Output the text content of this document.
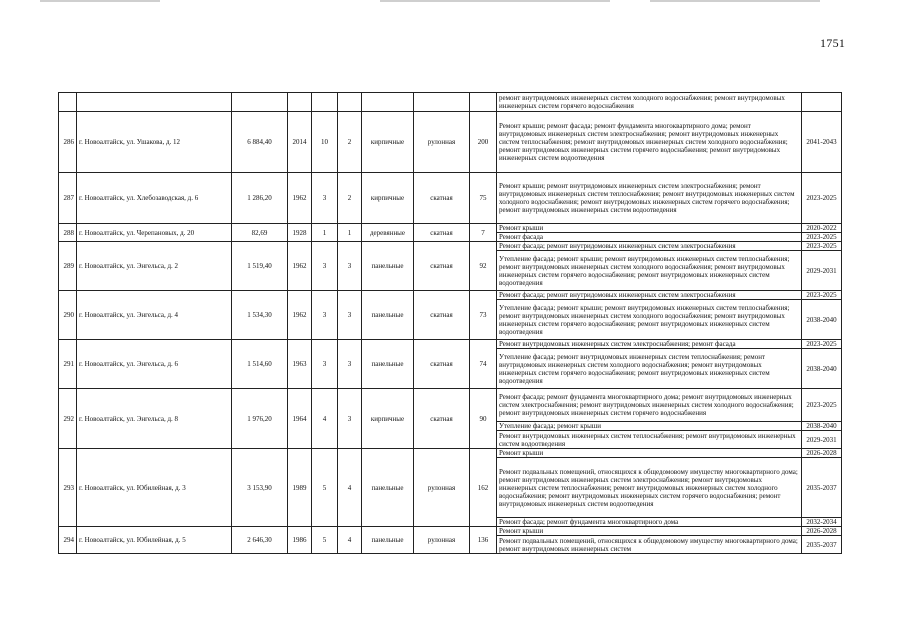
1751
									ремонт внутридомовых инженерных систем холодного водоснабжения; ремонт внутридомовых инженерных систем горячего водоснабжения	
286	г. Новоалтайск, ул. Ушакова, д. 12	6 884,40	2014	10	2	кирпичные	рулонная	200	Ремонт крыши; ремонт фасада; ремонт фундамента многоквартирного дома; ремонт внутридомовых инженерных систем электроснабжения; ремонт внутридомовых инженерных систем теплоснабжения; ремонт внутридомовых инженерных систем холодного водоснабжения; ремонт внутридомовых инженерных систем горячего водоснабжения; ремонт внутридомовых инженерных систем водоотведения	2041-2043
287	г. Новоалтайск, ул. Хлебозаводская, д. 6	1 286,20	1962	3	2	кирпичные	скатная	75	Ремонт крыши; ремонт внутридомовых инженерных систем электроснабжения; ремонт внутридомовых инженерных систем теплоснабжения; ремонт внутридомовых инженерных систем холодного водоснабжения; ремонт внутридомовых инженерных систем горячего водоснабжения; ремонт внутридомовых инженерных систем водоотведения	2023-2025
288	г. Новоалтайск, ул. Черепановых, д. 20	82,69	1928	1	1	деревянные	скатная	7	Ремонт крыши	2020-2022
									Ремонт фасада	2023-2025
289	г. Новоалтайск, ул. Энгельса, д. 2	1 519,40	1962	3	3	панельные	скатная	92	Ремонт фасада; ремонт внутридомовых инженерных систем электроснабжения	2023-2025
									Утепление фасада; ремонт крыши; ремонт внутридомовых инженерных систем теплоснабжения; ремонт внутридомовых инженерных систем холодного водоснабжения; ремонт внутридомовых инженерных систем горячего водоснабжения; ремонт внутридомовых инженерных систем водоотведения	2029-2031
290	г. Новоалтайск, ул. Энгельса, д. 4	1 534,30	1962	3	3	панельные	скатная	73	Ремонт фасада; ремонт внутридомовых инженерных систем электроснабжения	2023-2025
									Утепление фасада; ремонт крыши; ремонт внутридомовых инженерных систем теплоснабжения; ремонт внутридомовых инженерных систем холодного водоснабжения; ремонт внутридомовых инженерных систем горячего водоснабжения; ремонт внутридомовых инженерных систем водоотведения	2038-2040
291	г. Новоалтайск, ул. Энгельса, д. 6	1 514,60	1963	3	3	панельные	скатная	74	Ремонт внутридомовых инженерных систем электроснабжения; ремонт фасада	2023-2025
									Утепление фасада; ремонт внутридомовых инженерных систем теплоснабжения; ремонт внутридомовых инженерных систем холодного водоснабжения; ремонт внутридомовых инженерных систем горячего водоснабжения; ремонт внутридомовых инженерных систем водоотведения	2038-2040
292	г. Новоалтайск, ул. Энгельса, д. 8	1 976,20	1964	4	3	кирпичные	скатная	90	Ремонт фасада; ремонт фундамента многоквартирного дома; ремонт внутридомовых инженерных систем электроснабжения; ремонт внутридомовых инженерных систем холодного водоснабжения; ремонт внутридомовых инженерных систем горячего водоснабжения	2023-2025
									Утепление фасада; ремонт крыши	2038-2040
									Ремонт внутридомовых инженерных систем теплоснабжения; ремонт внутридомовых инженерных систем водоотведения	2029-2031
293	г. Новоалтайск, ул. Юбилейная, д. 3	3 153,90	1989	5	4	панельные	рулонная	162	Ремонт крыши	2026-2028
									Ремонт подвальных помещений, относящихся к общедомовому имуществу многоквартирного дома; ремонт внутридомовых инженерных систем электроснабжения; ремонт внутридомовых инженерных систем теплоснабжения; ремонт внутридомовых инженерных систем холодного водоснабжения; ремонт внутридомовых инженерных систем горячего водоснабжения; ремонт внутридомовых инженерных систем водоотведения	2035-2037
									Ремонт фасада; ремонт фундамента многоквартирного дома	2032-2034
294	г. Новоалтайск, ул. Юбилейная, д. 5	2 646,30	1986	5	4	панельные	рулонная	136	Ремонт крыши	2026-2028
									Ремонт подвальных помещений, относящихся к общедомовому имуществу многоквартирного дома; ремонт внутридомовых инженерных систем	2035-2037
